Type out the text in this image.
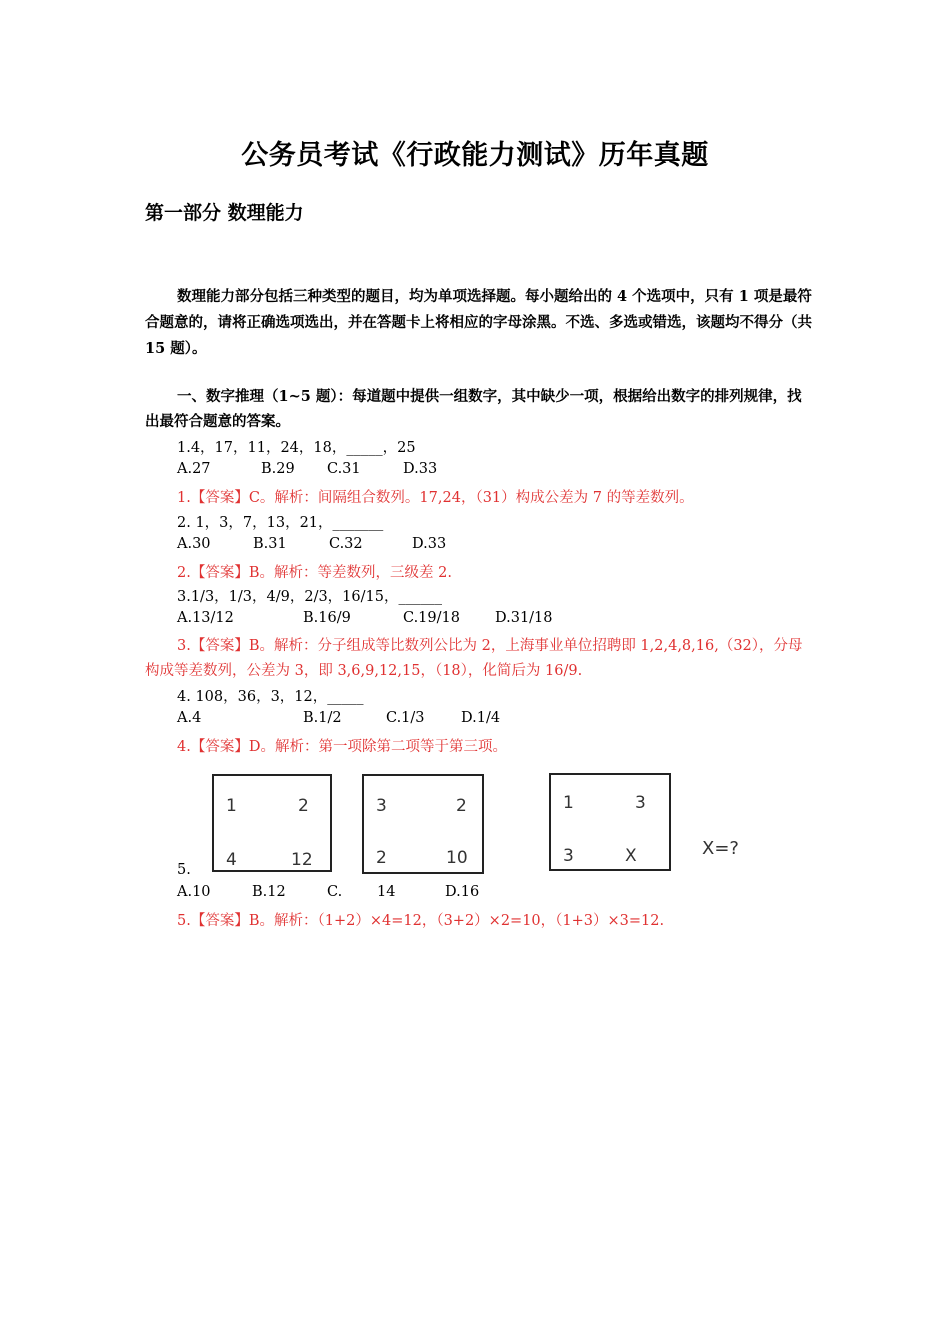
公务员考试《行政能力测试》历年真题
第一部分 数理能力
数理能力部分包括三种类型的题目，均为单项选择题。每小题给出的 4 个选项中，只有 1 项是最符合题意的，请将正确选项选出，并在答题卡上将相应的字母涂黑。不选、多选或错选，该题均不得分（共 15 题）。
一、数字推理（1~5 题）：每道题中提供一组数字，其中缺少一项，根据给出数字的排列规律，找出最符合题意的答案。
1.4，17，11，24，18，_____，25
A.27	B.29 C.31	D.33
1.【答案】C。解析：间隔组合数列。17,24，（31）构成公差为 7 的等差数列。
2. 1，3，7，13，21，_______
A.30	B.31	C.32	D.33
2.【答案】B。解析：等差数列，三级差 2.
3.1/3，1/3，4/9，2/3，16/15，______
A.13/12	B.16/9	C.19/18 D.31/18
3.【答案】B。解析：分子组成等比数列公比为 2，上海事业单位招聘即 1,2,4,8,16,（32），分母构成等差数列，公差为 3，即 3,6,9,12,15，（18），化简后为 16/9.
4. 108，36，3，12，_____
A.4	B.1/2	C.1/3	D.1/4
4.【答案】D。解析：第一项除第二项等于第三项。
1	2
4	12
3	2
2	10
1	3
3	X	X=?
5.
A.10	B.12	C. 14	D.16
5.【答案】B。解析：（1+2）×4=12，（3+2）×2=10，（1+3）×3=12.
